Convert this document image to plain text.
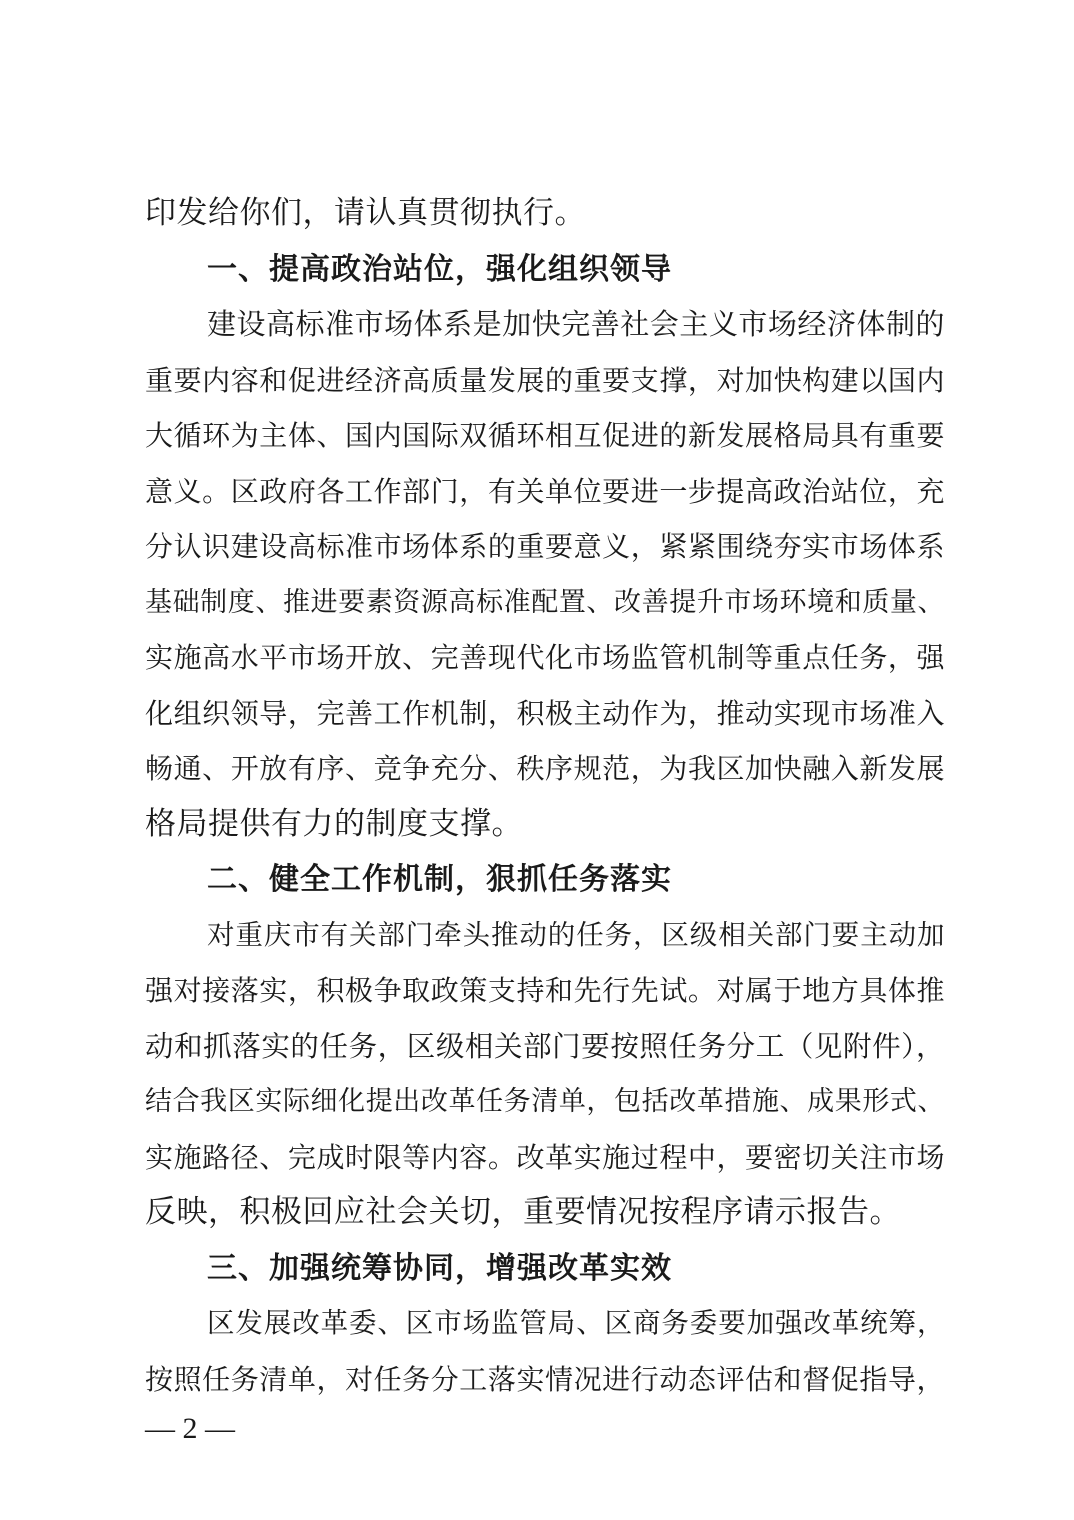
印发给你们，请认真贯彻执行。
一、提高政治站位，强化组织领导
建设高标准市场体系是加快完善社会主义市场经济体制的
重要内容和促进经济高质量发展的重要支撑，对加快构建以国内
大循环为主体、国内国际双循环相互促进的新发展格局具有重要
意义。区政府各工作部门，有关单位要进一步提高政治站位，充
分认识建设高标准市场体系的重要意义，紧紧围绕夯实市场体系
基础制度、推进要素资源高标准配置、改善提升市场环境和质量、
实施高水平市场开放、完善现代化市场监管机制等重点任务，强
化组织领导，完善工作机制，积极主动作为，推动实现市场准入
畅通、开放有序、竞争充分、秩序规范，为我区加快融入新发展
格局提供有力的制度支撑。
二、健全工作机制，狠抓任务落实
对重庆市有关部门牵头推动的任务，区级相关部门要主动加
强对接落实，积极争取政策支持和先行先试。对属于地方具体推
动和抓落实的任务，区级相关部门要按照任务分工（见附件），
结合我区实际细化提出改革任务清单，包括改革措施、成果形式、
实施路径、完成时限等内容。改革实施过程中，要密切关注市场
反映，积极回应社会关切，重要情况按程序请示报告。
三、加强统筹协同，增强改革实效
区发展改革委、区市场监管局、区商务委要加强改革统筹，
按照任务清单，对任务分工落实情况进行动态评估和督促指导，
— 2 —
